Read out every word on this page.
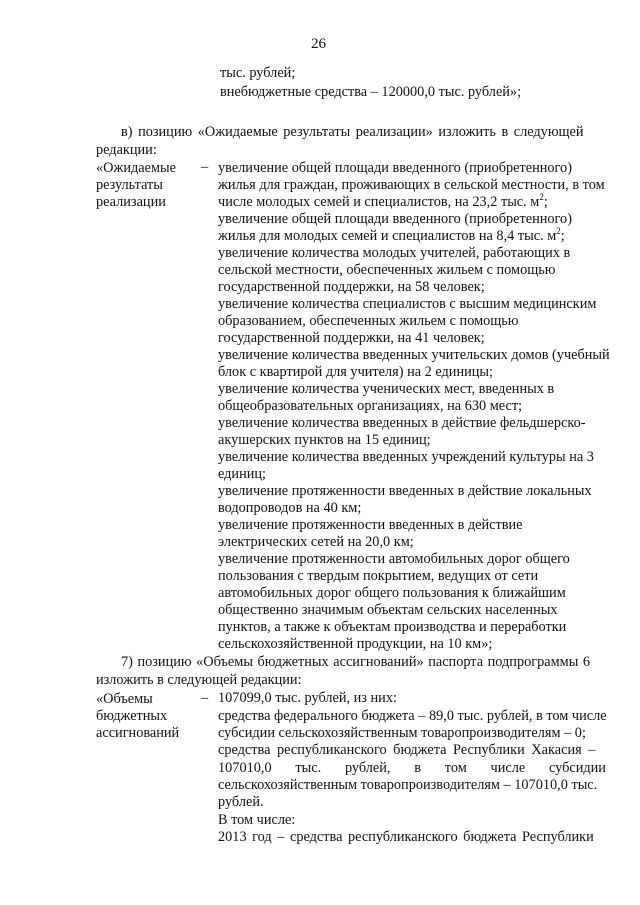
26
тыс. рублей;
внебюджетные средства – 120000,0 тыс. рублей»;
в) позицию «Ожидаемые результаты реализации» изложить в следующей
редакции:
«Ожидаемые
результаты
реализации
– увеличение общей площади введенного (приобретенного)
жилья для граждан, проживающих в сельской местности, в том
числе молодых семей и специалистов, на 23,2 тыс. $м^2$;
увеличение общей площади введенного (приобретенного)
жилья для молодых семей и специалистов на 8,4 тыс. $м^2$;
увеличение количества молодых учителей, работающих в
сельской местности, обеспеченных жильем с помощью
государственной поддержки, на 58 человек;
увеличение количества специалистов с высшим медицинским
образованием, обеспеченных жильем с помощью
государственной поддержки, на 41 человек;
увеличение количества введенных учительских домов (учебный
блок с квартирой для учителя) на 2 единицы;
увеличение количества ученических мест, введенных в
общеобразовательных организациях, на 630 мест;
увеличение количества введенных в действие фельдшерско-
акушерских пунктов на 15 единиц;
увеличение количества введенных учреждений культуры на 3
единиц;
увеличение протяженности введенных в действие локальных
водопроводов на 40 км;
увеличение протяженности введенных в действие
электрических сетей на 20,0 км;
увеличение протяженности автомобильных дорог общего
пользования с твердым покрытием, ведущих от сети
автомобильных дорог общего пользования к ближайшим
общественно значимым объектам сельских населенных
пунктов, а также к объектам производства и переработки
сельскохозяйственной продукции, на 10 км»;
7) позицию «Объемы бюджетных ассигнований» паспорта подпрограммы 6
изложить в следующей редакции:
«Объемы
бюджетных
ассигнований
– 107099,0 тыс. рублей, из них:
средства федерального бюджета – 89,0 тыс. рублей, в том числе
субсидии сельскохозяйственным товаропроизводителям – 0;
средства республиканского бюджета Республики Хакасия –
107010,0 тыс. рублей, в том числе субсидии
сельскохозяйственным товаропроизводителям – 107010,0 тыс.
рублей.
В том числе:
2013 год – средства республиканского бюджета Республики
